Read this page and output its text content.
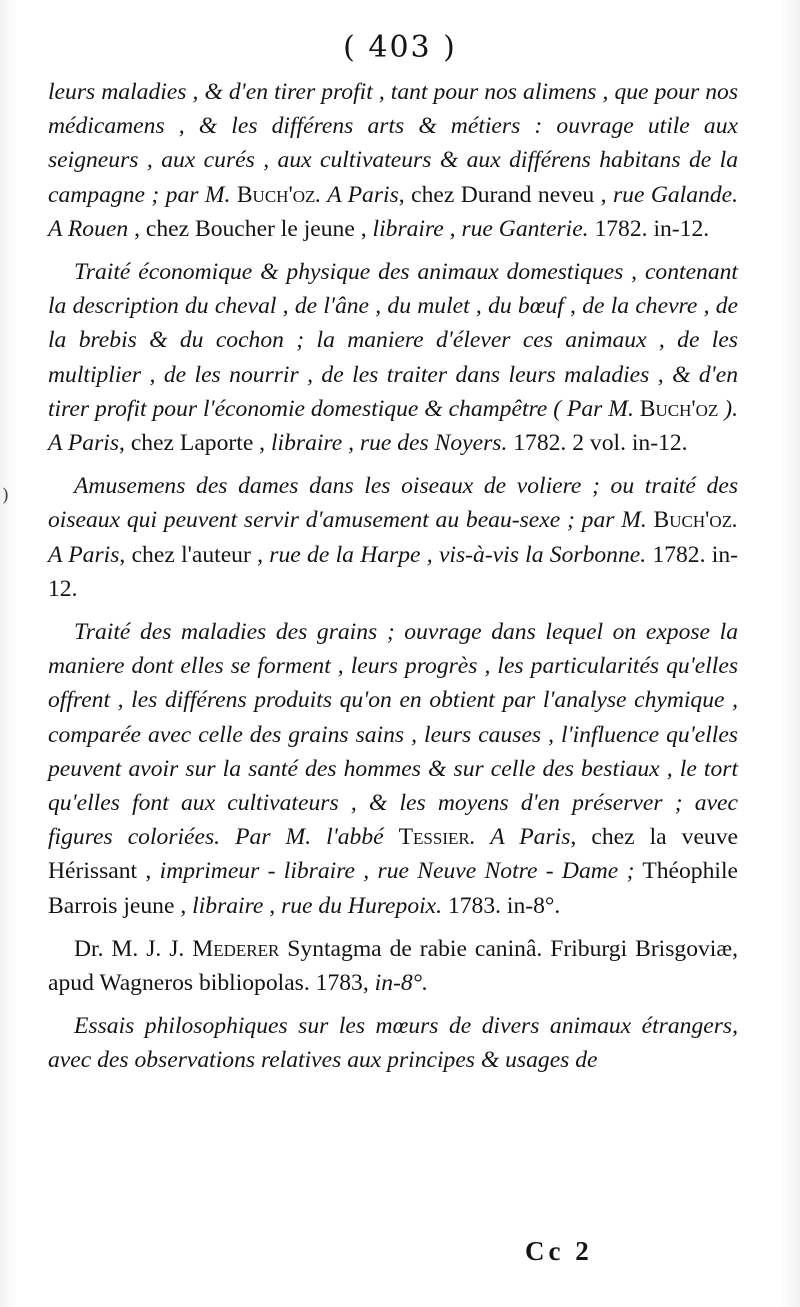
( 403 )
)

leurs maladies , & d'en tirer profit , tant pour nos alimens , que pour nos médicamens , & les différens arts & métiers : ouvrage utile aux seigneurs , aux curés , aux cultivateurs & aux différens habitans de la campagne ; par M. Buch'oz. A Paris, chez Durand neveu , rue Galande. A Rouen , chez Boucher le jeune , libraire , rue Ganterie. 1782. in-12.

Traité économique & physique des animaux domestiques , contenant la description du cheval , de l'âne , du mulet , du bœuf , de la chevre , de la brebis & du cochon ; la maniere d'élever ces animaux , de les multiplier , de les nourrir , de les traiter dans leurs maladies , & d'en tirer profit pour l'économie domestique & champêtre ( Par M. Buch'oz ). A Paris, chez Laporte , libraire , rue des Noyers. 1782. 2 vol. in-12.

Amusemens des dames dans les oiseaux de voliere ; ou traité des oiseaux qui peuvent servir d'amusement au beau-sexe ; par M. Buch'oz. A Paris, chez l'auteur , rue de la Harpe , vis-à-vis la Sorbonne. 1782. in-12.

Traité des maladies des grains ; ouvrage dans lequel on expose la maniere dont elles se forment , leurs progrès , les particularités qu'elles offrent , les différens produits qu'on en obtient par l'analyse chymique , comparée avec celle des grains sains , leurs causes , l'influence qu'elles peuvent avoir sur la santé des hommes & sur celle des bestiaux , le tort qu'elles font aux cultivateurs , & les moyens d'en préserver ; avec figures coloriées. Par M. l'abbé Tessier. A Paris, chez la veuve Hérissant , imprimeur - libraire , rue Neuve Notre - Dame ; Théophile Barrois jeune , libraire , rue du Hurepoix. 1783. in-8°.

Dr. M. J. J. Mederer Syntagma de rabie caninâ. Friburgi Brisgoviæ, apud Wagneros bibliopolas. 1783, in-8°.

Essais philosophiques sur les mœurs de divers animaux étrangers, avec des observations relatives aux principes & usages de

Cc 2
